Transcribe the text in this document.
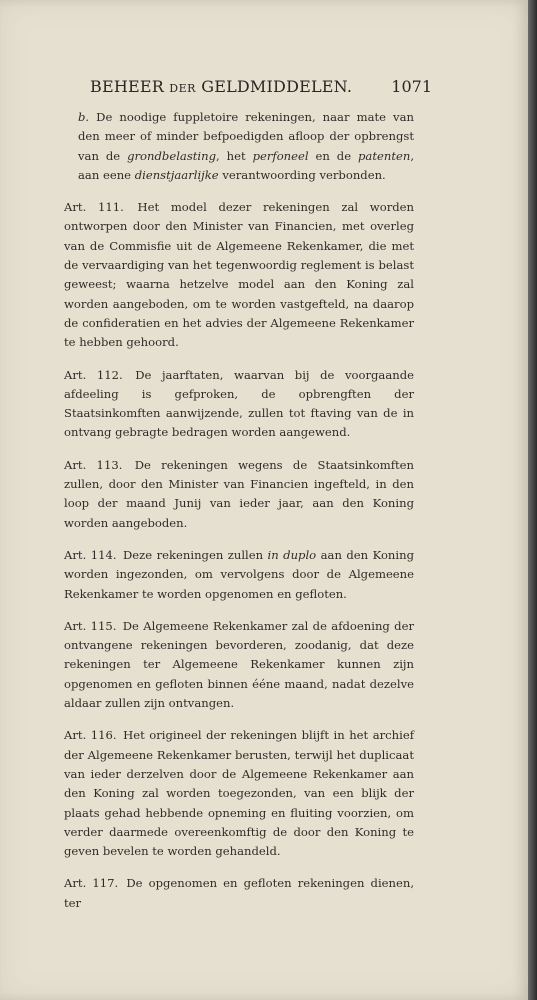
BEHEER DER GELDMIDDELEN. 1071

b. De noodige fuppletoire rekeningen, naar mate van den meer of minder befpoedigden afloop der opbrengst van de grondbelasting, het perfoneel en de patenten, aan eene dienstjaarlijke verantwoording verbonden.

Art. 111. Het model dezer rekeningen zal worden ontworpen door den Minister van Financien, met overleg van de Commisfie uit de Algemeene Rekenkamer, die met de vervaardiging van het tegenwoordig reglement is belast geweest; waarna hetzelve model aan den Koning zal worden aangeboden, om te worden vastgefteld, na daarop de confideratien en het advies der Algemeene Rekenkamer te hebben gehoord.

Art. 112. De jaarftaten, waarvan bij de voorgaande afdeeling is gefproken, de opbrengften der Staatsinkomften aanwijzende, zullen tot ftaving van de in ontvang gebragte bedragen worden aangewend.

Art. 113. De rekeningen wegens de Staatsinkomften zullen, door den Minister van Financien ingefteld, in den loop der maand Junij van ieder jaar, aan den Koning worden aangeboden.

Art. 114. Deze rekeningen zullen in duplo aan den Koning worden ingezonden, om vervolgens door de Algemeene Rekenkamer te worden opgenomen en gefloten.

Art. 115. De Algemeene Rekenkamer zal de afdoening der ontvangene rekeningen bevorderen, zoodanig, dat deze rekeningen ter Algemeene Rekenkamer kunnen zijn opgenomen en gefloten binnen ééne maand, nadat dezelve aldaar zullen zijn ontvangen.

Art. 116. Het origineel der rekeningen blijft in het archief der Algemeene Rekenkamer berusten, terwijl het duplicaat van ieder derzelven door de Algemeene Rekenkamer aan den Koning zal worden toegezonden, van een blijk der plaats gehad hebbende opneming en fluiting voorzien, om verder daarmede overeenkomftig de door den Koning te geven bevelen te worden gehandeld.

Art. 117. De opgenomen en gefloten rekeningen dienen, ter
